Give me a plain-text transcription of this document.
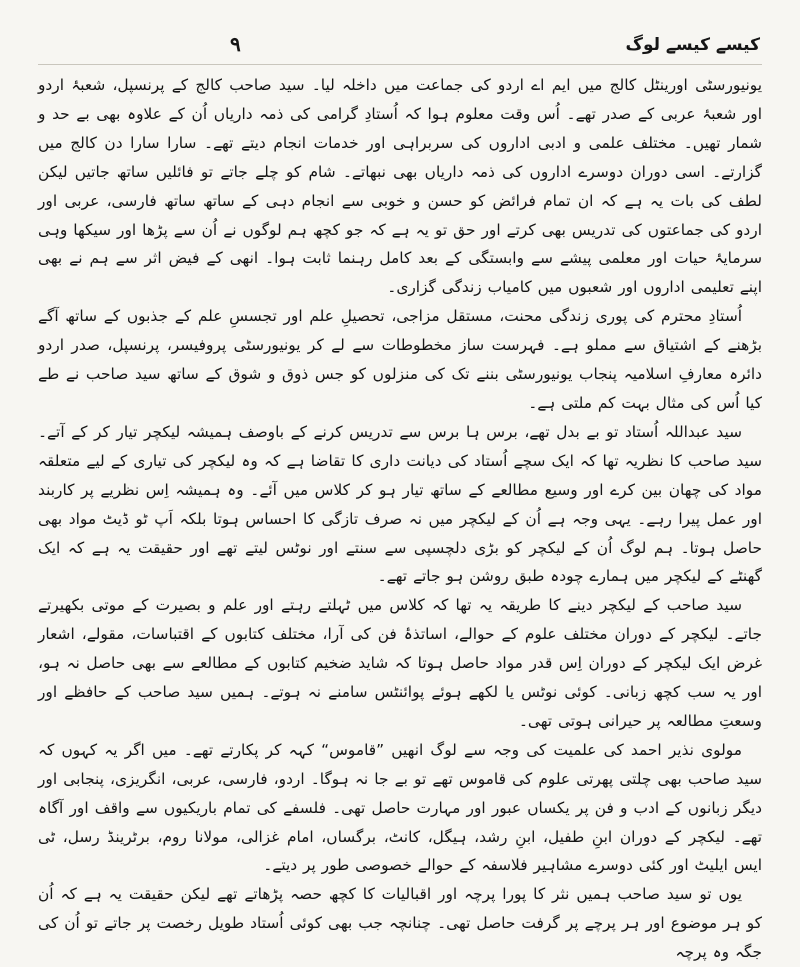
۹	کیسے کیسے لوگ

یونیورسٹی اورینٹل کالج میں ایم اے اردو کی جماعت میں داخلہ لیا۔ سید صاحب کالج کے پرنسپل، شعبۂ اردو اور شعبۂ عربی کے صدر تھے۔ اُس وقت معلوم ہوا کہ اُستادِ گرامی کی ذمہ داریاں اُن کے علاوہ بھی بے حد و شمار تھیں۔ مختلف علمی و ادبی اداروں کی سربراہی اور خدمات انجام دیتے تھے۔ سارا سارا دن کالج میں گزارتے۔ اسی دوران دوسرے اداروں کی ذمہ داریاں بھی نبھاتے۔ شام کو چلے جاتے تو فائلیں ساتھ جاتیں لیکن لطف کی بات یہ ہے کہ ان تمام فرائض کو حسن و خوبی سے انجام دہی کے ساتھ ساتھ فارسی، عربی اور اردو کی جماعتوں کی تدریس بھی کرتے اور حق تو یہ ہے کہ جو کچھ ہم لوگوں نے اُن سے پڑھا اور سیکھا وہی سرمایۂ حیات اور معلمی پیشے سے وابستگی کے بعد کامل رہنما ثابت ہوا۔ انھی کے فیض اثر سے ہم نے بھی اپنے تعلیمی اداروں اور شعبوں میں کامیاب زندگی گزاری۔

اُستادِ محترم کی پوری زندگی محنت، مستقل مزاجی، تحصیلِ علم اور تجسسِ علم کے جذبوں کے ساتھ آگے بڑھنے کے اشتیاق سے مملو ہے۔ فہرست ساز مخطوطات سے لے کر یونیورسٹی پروفیسر، پرنسپل، صدر اردو دائرہ معارفِ اسلامیہ پنجاب یونیورسٹی بننے تک کی منزلوں کو جس ذوق و شوق کے ساتھ سید صاحب نے طے کیا اُس کی مثال بہت کم ملتی ہے۔

سید عبداللہ اُستاد تو بے بدل تھے، برس ہا برس سے تدریس کرنے کے باوصف ہمیشہ لیکچر تیار کر کے آتے۔ سید صاحب کا نظریہ تھا کہ ایک سچے اُستاد کی دیانت داری کا تقاضا ہے کہ وہ لیکچر کی تیاری کے لیے متعلقہ مواد کی چھان بین کرے اور وسیع مطالعے کے ساتھ تیار ہو کر کلاس میں آئے۔ وہ ہمیشہ اِس نظریے پر کاربند اور عمل پیرا رہے۔ یہی وجہ ہے اُن کے لیکچر میں نہ صرف تازگی کا احساس ہوتا بلکہ اَپ ٹو ڈیٹ مواد بھی حاصل ہوتا۔ ہم لوگ اُن کے لیکچر کو بڑی دلچسپی سے سنتے اور نوٹس لیتے تھے اور حقیقت یہ ہے کہ ایک گھنٹے کے لیکچر میں ہمارے چودہ طبق روشن ہو جاتے تھے۔

سید صاحب کے لیکچر دینے کا طریقہ یہ تھا کہ کلاس میں ٹہلتے رہتے اور علم و بصیرت کے موتی بکھیرتے جاتے۔ لیکچر کے دوران مختلف علوم کے حوالے، اساتذۂ فن کی آرا، مختلف کتابوں کے اقتباسات، مقولے، اشعار غرض ایک لیکچر کے دوران اِس قدر مواد حاصل ہوتا کہ شاید ضخیم کتابوں کے مطالعے سے بھی حاصل نہ ہو، اور یہ سب کچھ زبانی۔ کوئی نوٹس یا لکھے ہوئے پوائنٹس سامنے نہ ہوتے۔ ہمیں سید صاحب کے حافظے اور وسعتِ مطالعہ پر حیرانی ہوتی تھی۔

مولوی نذیر احمد کی علمیت کی وجہ سے لوگ انھیں ”قاموس“ کہہ کر پکارتے تھے۔ میں اگر یہ کہوں کہ سید صاحب بھی چلتی پھرتی علوم کی قاموس تھے تو بے جا نہ ہوگا۔ اردو، فارسی، عربی، انگریزی، پنجابی اور دیگر زبانوں کے ادب و فن پر یکساں عبور اور مہارت حاصل تھی۔ فلسفے کی تمام باریکیوں سے واقف اور آگاہ تھے۔ لیکچر کے دوران ابنِ طفیل، ابنِ رشد، ہیگل، کانٹ، برگساں، امام غزالی، مولانا روم، برٹرینڈ رسل، ٹی ایس ایلیٹ اور کئی دوسرے مشاہیر فلاسفہ کے حوالے خصوصی طور پر دیتے۔

یوں تو سید صاحب ہمیں نثر کا پورا پرچہ اور اقبالیات کا کچھ حصہ پڑھاتے تھے لیکن حقیقت یہ ہے کہ اُن کو ہر موضوع اور ہر پرچے پر گرفت حاصل تھی۔ چنانچہ جب بھی کوئی اُستاد طویل رخصت پر جاتے تو اُن کی جگہ وہ پرچہ
